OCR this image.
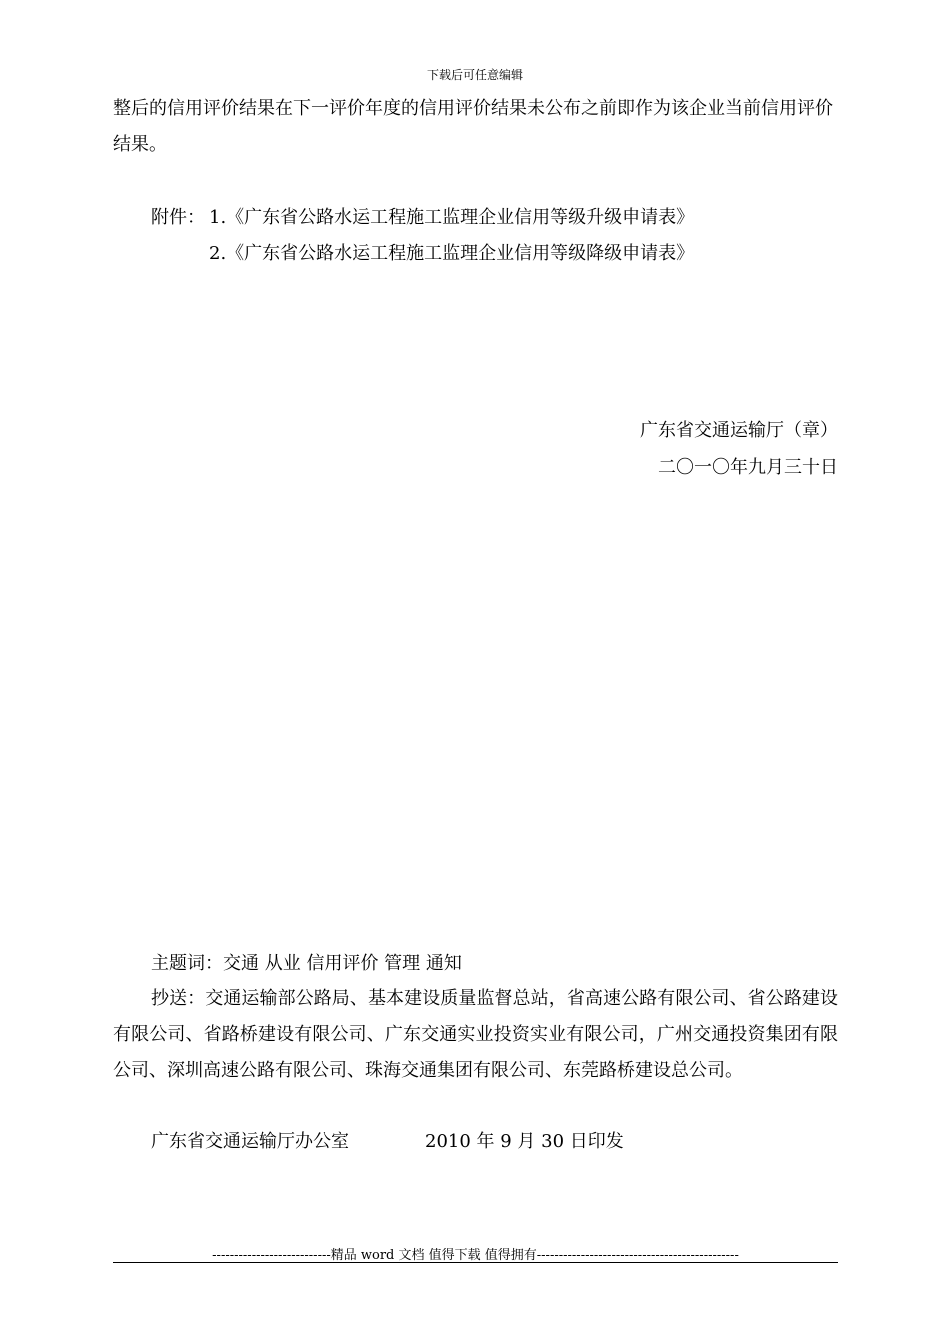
下载后可任意编辑
整后的信用评价结果在下一评价年度的信用评价结果未公布之前即作为该企业当前信用评价结果。
附件： 1.《广东省公路水运工程施工监理企业信用等级升级申请表》
2.《广东省公路水运工程施工监理企业信用等级降级申请表》
广东省交通运输厅（章）
二〇一〇年九月三十日
主题词：交通 从业 信用评价 管理 通知
抄送：交通运输部公路局、基本建设质量监督总站，省高速公路有限公司、省公路建设有限公司、省路桥建设有限公司、广东交通实业投资实业有限公司，广州交通投资集团有限公司、深圳高速公路有限公司、珠海交通集团有限公司、东莞路桥建设总公司。
广东省交通运输厅办公室	2010 年 9 月 30 日印发
---------------------------精品 word 文档 值得下载 值得拥有----------------------------------------------
